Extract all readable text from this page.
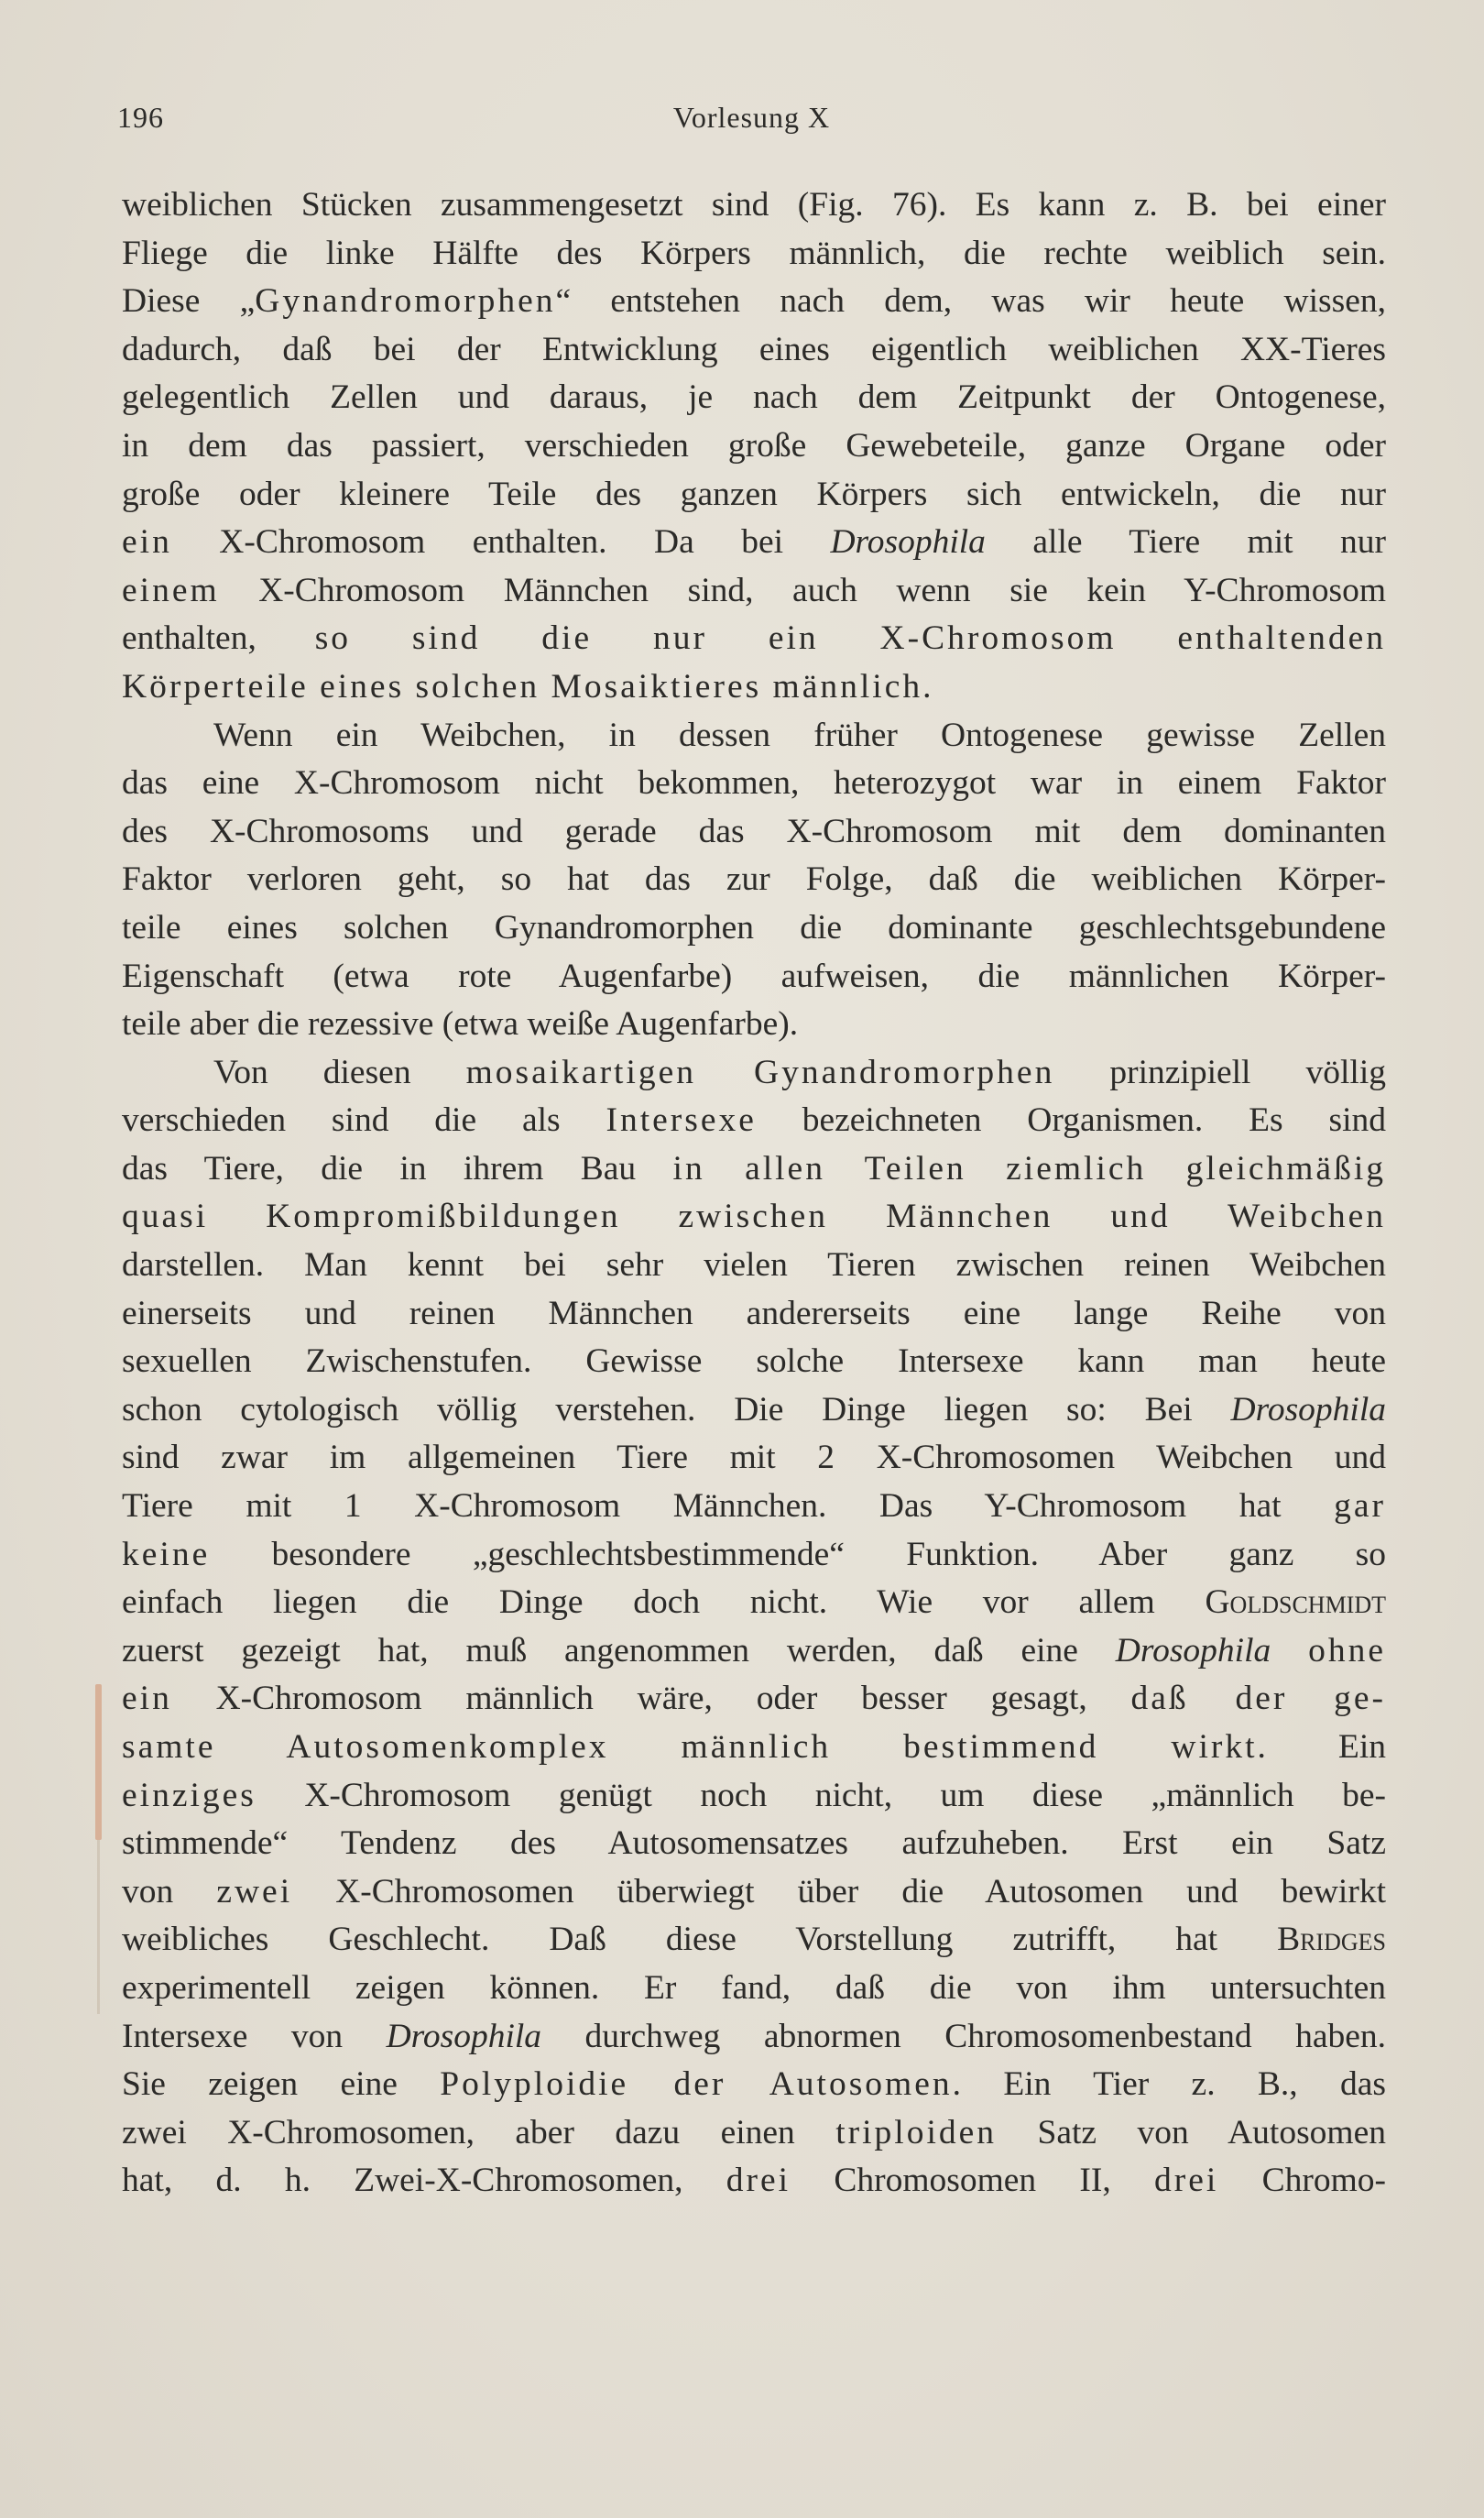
196	Vorlesung X
weiblichen Stücken zusammengesetzt sind (Fig. 76). Es kann z. B. bei einer
Fliege die linke Hälfte des Körpers männlich, die rechte weiblich sein.
Diese „Gynandromorphen“ entstehen nach dem, was wir heute wissen,
dadurch, daß bei der Entwicklung eines eigentlich weiblichen XX-Tieres
gelegentlich Zellen und daraus, je nach dem Zeitpunkt der Ontogenese,
in dem das passiert, verschieden große Gewebeteile, ganze Organe oder
große oder kleinere Teile des ganzen Körpers sich entwickeln, die nur
ein X-Chromosom enthalten. Da bei Drosophila alle Tiere mit nur
einem X-Chromosom Männchen sind, auch wenn sie kein Y-Chromosom
enthalten, so sind die nur ein X-Chromosom enthaltenden
Körperteile eines solchen Mosaiktieres männlich.
Wenn ein Weibchen, in dessen früher Ontogenese gewisse Zellen
das eine X-Chromosom nicht bekommen, heterozygot war in einem Faktor
des X-Chromosoms und gerade das X-Chromosom mit dem dominanten
Faktor verloren geht, so hat das zur Folge, daß die weiblichen Körper-
teile eines solchen Gynandromorphen die dominante geschlechtsgebundene
Eigenschaft (etwa rote Augenfarbe) aufweisen, die männlichen Körper-
teile aber die rezessive (etwa weiße Augenfarbe).
Von diesen mosaikartigen Gynandromorphen prinzipiell völlig
verschieden sind die als Intersexe bezeichneten Organismen. Es sind
das Tiere, die in ihrem Bau in allen Teilen ziemlich gleichmäßig
quasi Kompromißbildungen zwischen Männchen und Weibchen
darstellen. Man kennt bei sehr vielen Tieren zwischen reinen Weibchen
einerseits und reinen Männchen andererseits eine lange Reihe von
sexuellen Zwischenstufen. Gewisse solche Intersexe kann man heute
schon cytologisch völlig verstehen. Die Dinge liegen so: Bei Drosophila
sind zwar im allgemeinen Tiere mit 2 X-Chromosomen Weibchen und
Tiere mit 1 X-Chromosom Männchen. Das Y-Chromosom hat gar
keine besondere „geschlechtsbestimmende“ Funktion. Aber ganz so
einfach liegen die Dinge doch nicht. Wie vor allem Goldschmidt
zuerst gezeigt hat, muß angenommen werden, daß eine Drosophila ohne
ein X-Chromosom männlich wäre, oder besser gesagt, daß der ge-
samte Autosomenkomplex männlich bestimmend wirkt. Ein
einziges X-Chromosom genügt noch nicht, um diese „männlich be-
stimmende“ Tendenz des Autosomensatzes aufzuheben. Erst ein Satz
von zwei X-Chromosomen überwiegt über die Autosomen und bewirkt
weibliches Geschlecht. Daß diese Vorstellung zutrifft, hat Bridges
experimentell zeigen können. Er fand, daß die von ihm untersuchten
Intersexe von Drosophila durchweg abnormen Chromosomenbestand haben.
Sie zeigen eine Polyploidie der Autosomen. Ein Tier z. B., das
zwei X-Chromosomen, aber dazu einen triploiden Satz von Autosomen
hat, d. h. Zwei-X-Chromosomen, drei Chromosomen II, drei Chromo-
